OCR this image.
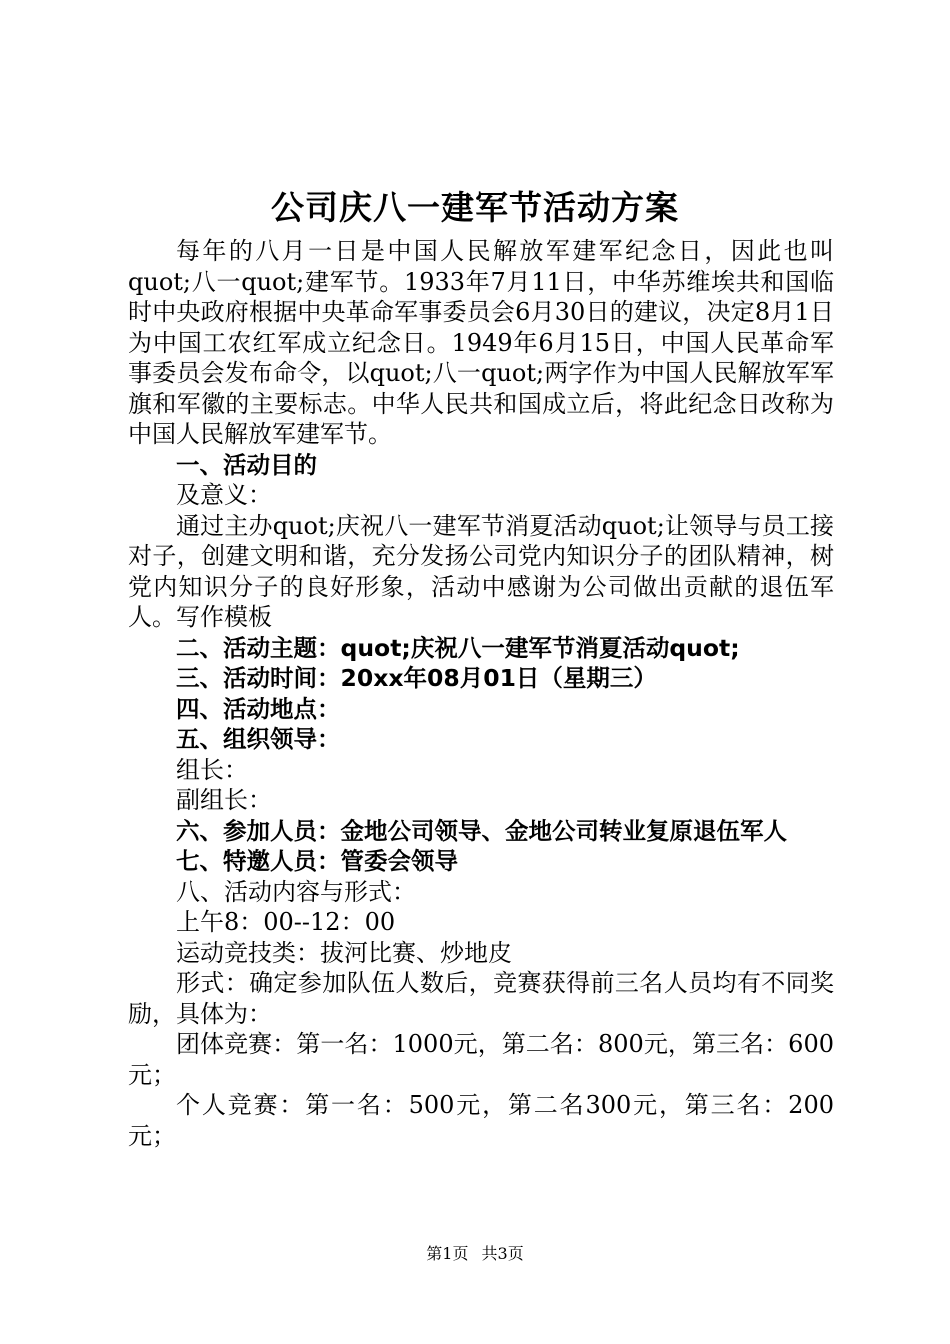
公司庆八一建军节活动方案

每年的八月一日是中国人民解放军建军纪念日，因此也叫quot;八一quot;建军节。1933年7月11日，中华苏维埃共和国临时中央政府根据中央革命军事委员会6月30日的建议，决定8月1日为中国工农红军成立纪念日。1949年6月15日，中国人民革命军事委员会发布命令，以quot;八一quot;两字作为中国人民解放军军旗和军徽的主要标志。中华人民共和国成立后，将此纪念日改称为中国人民解放军建军节。

一、活动目的

及意义：

通过主办quot;庆祝八一建军节消夏活动quot;让领导与员工接对子，创建文明和谐，充分发扬公司党内知识分子的团队精神，树党内知识分子的良好形象，活动中感谢为公司做出贡献的退伍军人。写作模板

二、活动主题：quot;庆祝八一建军节消夏活动quot;

三、活动时间：20xx年08月01日（星期三）

四、活动地点：

五、组织领导：

组长：

副组长：

六、参加人员：金地公司领导、金地公司转业复原退伍军人

七、特邀人员：管委会领导

八、活动内容与形式：

上午8：00--12：00

运动竞技类：拔河比赛、炒地皮

形式：确定参加队伍人数后，竞赛获得前三名人员均有不同奖励，具体为：

团体竞赛：第一名：1000元，第二名：800元，第三名：600元；

个人竞赛：第一名：500元，第二名300元，第三名：200元；

第1页 共3页
